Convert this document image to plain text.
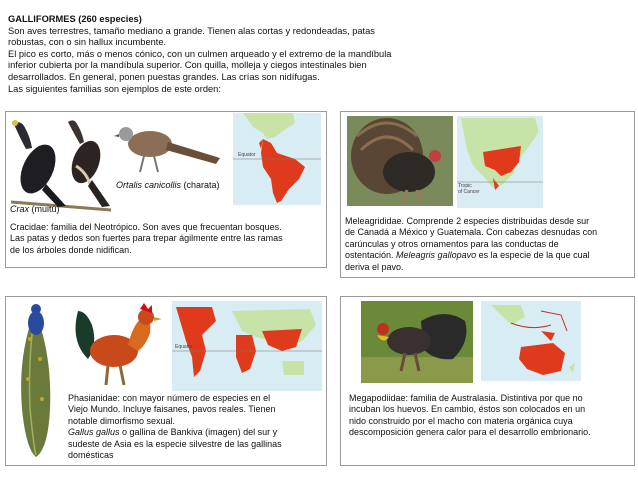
GALLIFORMES (260 especies)

Son aves terrestres, tamaño mediano a grande. Tienen alas cortas y redondeadas, patas

robustas, con o sin hallux incumbente.

El pico es corto, más o menos cónico, con un culmen arqueado y el extremo de la mandíbula

inferior cubierta por la mandíbula superior. Con quilla, molleja y ciegos intestinales bien

desarrollados. En general, ponen puestas grandes. Las crías son nidífugas.

Las siguientes familias son ejemplos de este orden:

Equator
Ortalis canicollis (charata)
Crax (muitú)
Cracidae: familia del Neotrópico. Son aves que frecuentan bosques.
Las patas y dedos son fuertes para trepar ágilmente entre las ramas
de los árboles donde nidifican.
Tropic
of Cancer
Meleagrididae. Comprende 2 especies distribuidas desde sur
de Canadá a México y Guatemala. Con cabezas desnudas con
carúnculas y otros ornamentos para las conductas de
ostentación. Meleagris gallopavo es la especie de la que cual
deriva el pavo.
Equator
Phasianidae: con mayor número de especies en el
Viejo Mundo. Incluye faisanes, pavos reales. Tienen
notable dimorfismo sexual.
Gallus gallus o gallina de Bankiva (imagen) del sur y
sudeste de Asia es la especie silvestre de las gallinas
domésticas
Megapodiidae: familia de Australasia. Distintiva por que no
incuban los huevos. En cambio, éstos son colocados en un
nido construido por el macho con materia orgánica cuya
descomposición genera calor para el desarrollo embrionario.
